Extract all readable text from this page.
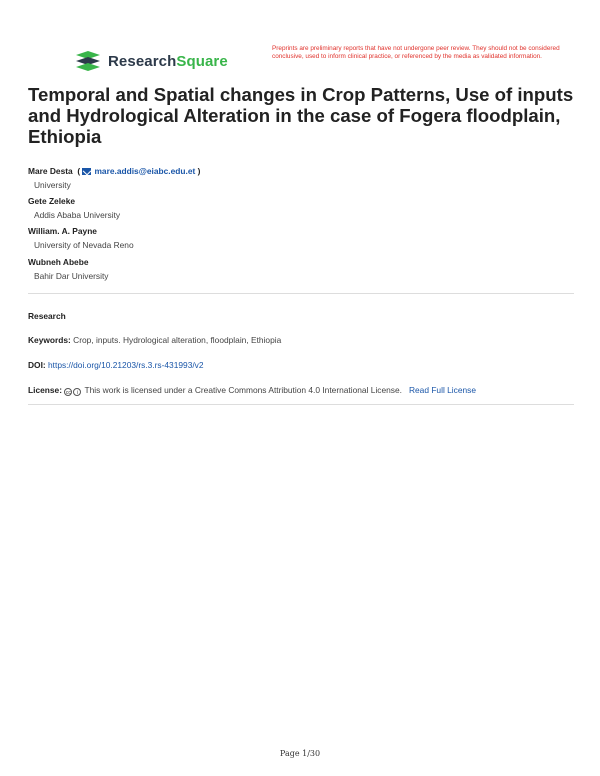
ResearchSquare
Preprints are preliminary reports that have not undergone peer review. They should not be considered conclusive, used to inform clinical practice, or referenced by the media as validated information.
Temporal and Spatial changes in Crop Patterns, Use of inputs and Hydrological Alteration in the case of Fogera floodplain, Ethiopia
Mare Desta  ( mare.addis@eiabc.edu.et )
University
Gete Zeleke
Addis Ababa University
William. A. Payne
University of Nevada Reno
Wubneh Abebe
Bahir Dar University
Research
Keywords: Crop, inputs. Hydrological alteration, floodplain, Ethiopia
DOI: https://doi.org/10.21203/rs.3.rs-431993/v2
License: cc i This work is licensed under a Creative Commons Attribution 4.0 International License. Read Full License
Page 1/30
